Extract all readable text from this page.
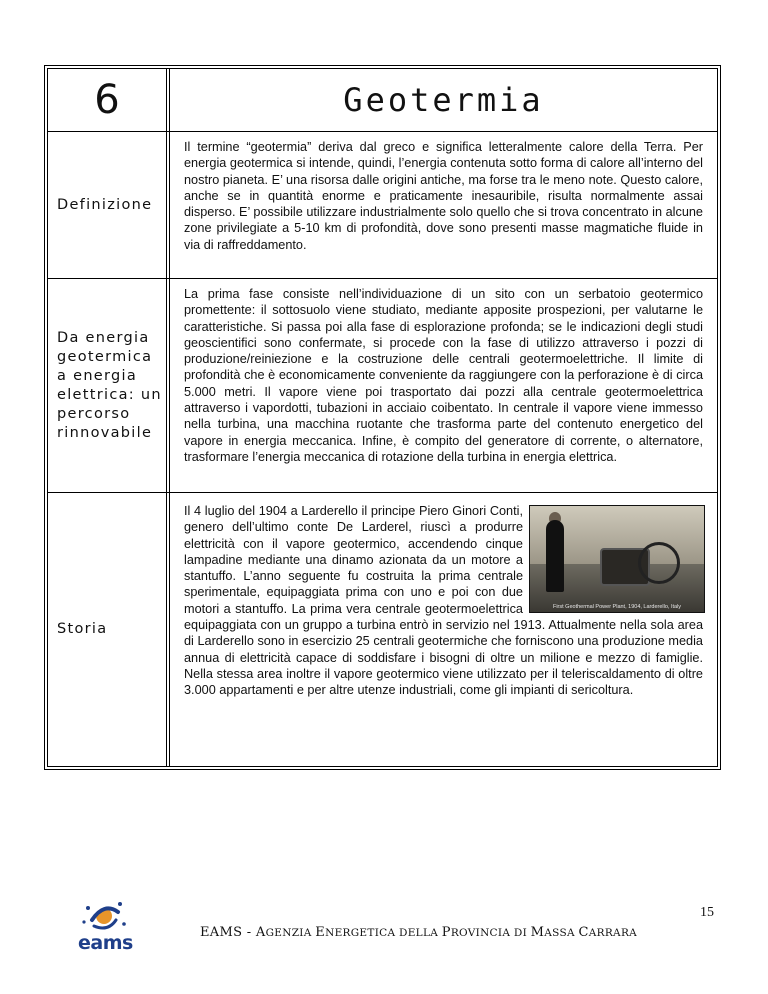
6	Geotermia
Definizione

Il termine “geotermia” deriva dal greco e significa letteralmente calore della Terra. Per energia geotermica si intende, quindi, l’energia contenuta sotto forma di calore all’interno del nostro pianeta. E’ una risorsa dalle origini antiche, ma forse tra le meno note. Questo calore, anche se in quantità enorme e praticamente inesauribile, risulta normalmente assai disperso. E’ possibile utilizzare industrialmente solo quello che si trova concentrato in alcune zone privilegiate a 5-10 km di profondità, dove sono presenti masse magmatiche fluide in via di raffreddamento.

Da energia geotermica a energia elettrica: un percorso rinnovabile

La prima fase consiste nell’individuazione di un sito con un serbatoio geotermico promettente: il sottosuolo viene studiato, mediante apposite prospezioni, per valutarne le caratteristiche. Si passa poi alla fase di esplorazione profonda; se le indicazioni degli studi geoscientifici sono confermate, si procede con la fase di utilizzo attraverso i pozzi di produzione/reiniezione e la costruzione delle centrali geotermoelettriche. Il limite di profondità che è economicamente conveniente da raggiungere con la perforazione è di circa 5.000 metri. Il vapore viene poi trasportato dai pozzi alla centrale geotermoelettrica attraverso i vapordotti, tubazioni in acciaio coibentato. In centrale il vapore viene immesso nella turbina, una macchina ruotante che trasforma parte del contenuto energetico del vapore in energia meccanica. Infine, è compito del generatore di corrente, o alternatore, trasformare l’energia meccanica di rotazione della turbina in energia elettrica.

Storia
First Geothermal Power Plant, 1904, Larderello, Italy

Il 4 luglio del 1904 a Larderello il principe Piero Ginori Conti, genero dell’ultimo conte De Larderel, riuscì a produrre elettricità con il vapore geotermico, accendendo cinque lampadine mediante una dinamo azionata da un motore a stantuffo. L’anno seguente fu costruita la prima centrale sperimentale, equipaggiata prima con uno e poi con due motori a stantuffo. La prima vera centrale geotermoelettrica equipaggiata con un gruppo a turbina entrò in servizio nel 1913. Attualmente nella sola area di Larderello sono in esercizio 25 centrali geotermiche che forniscono una produzione media annua di elettricità capace di soddisfare i bisogni di oltre un milione e mezzo di famiglie. Nella stessa area inoltre il vapore geotermico viene utilizzato per il teleriscaldamento di oltre 3.000 appartamenti e per altre utenze industriali, come gli impianti di sericoltura.

eams	EAMS - AGENZIA ENERGETICA DELLA PROVINCIA DI MASSA CARRARA
15
